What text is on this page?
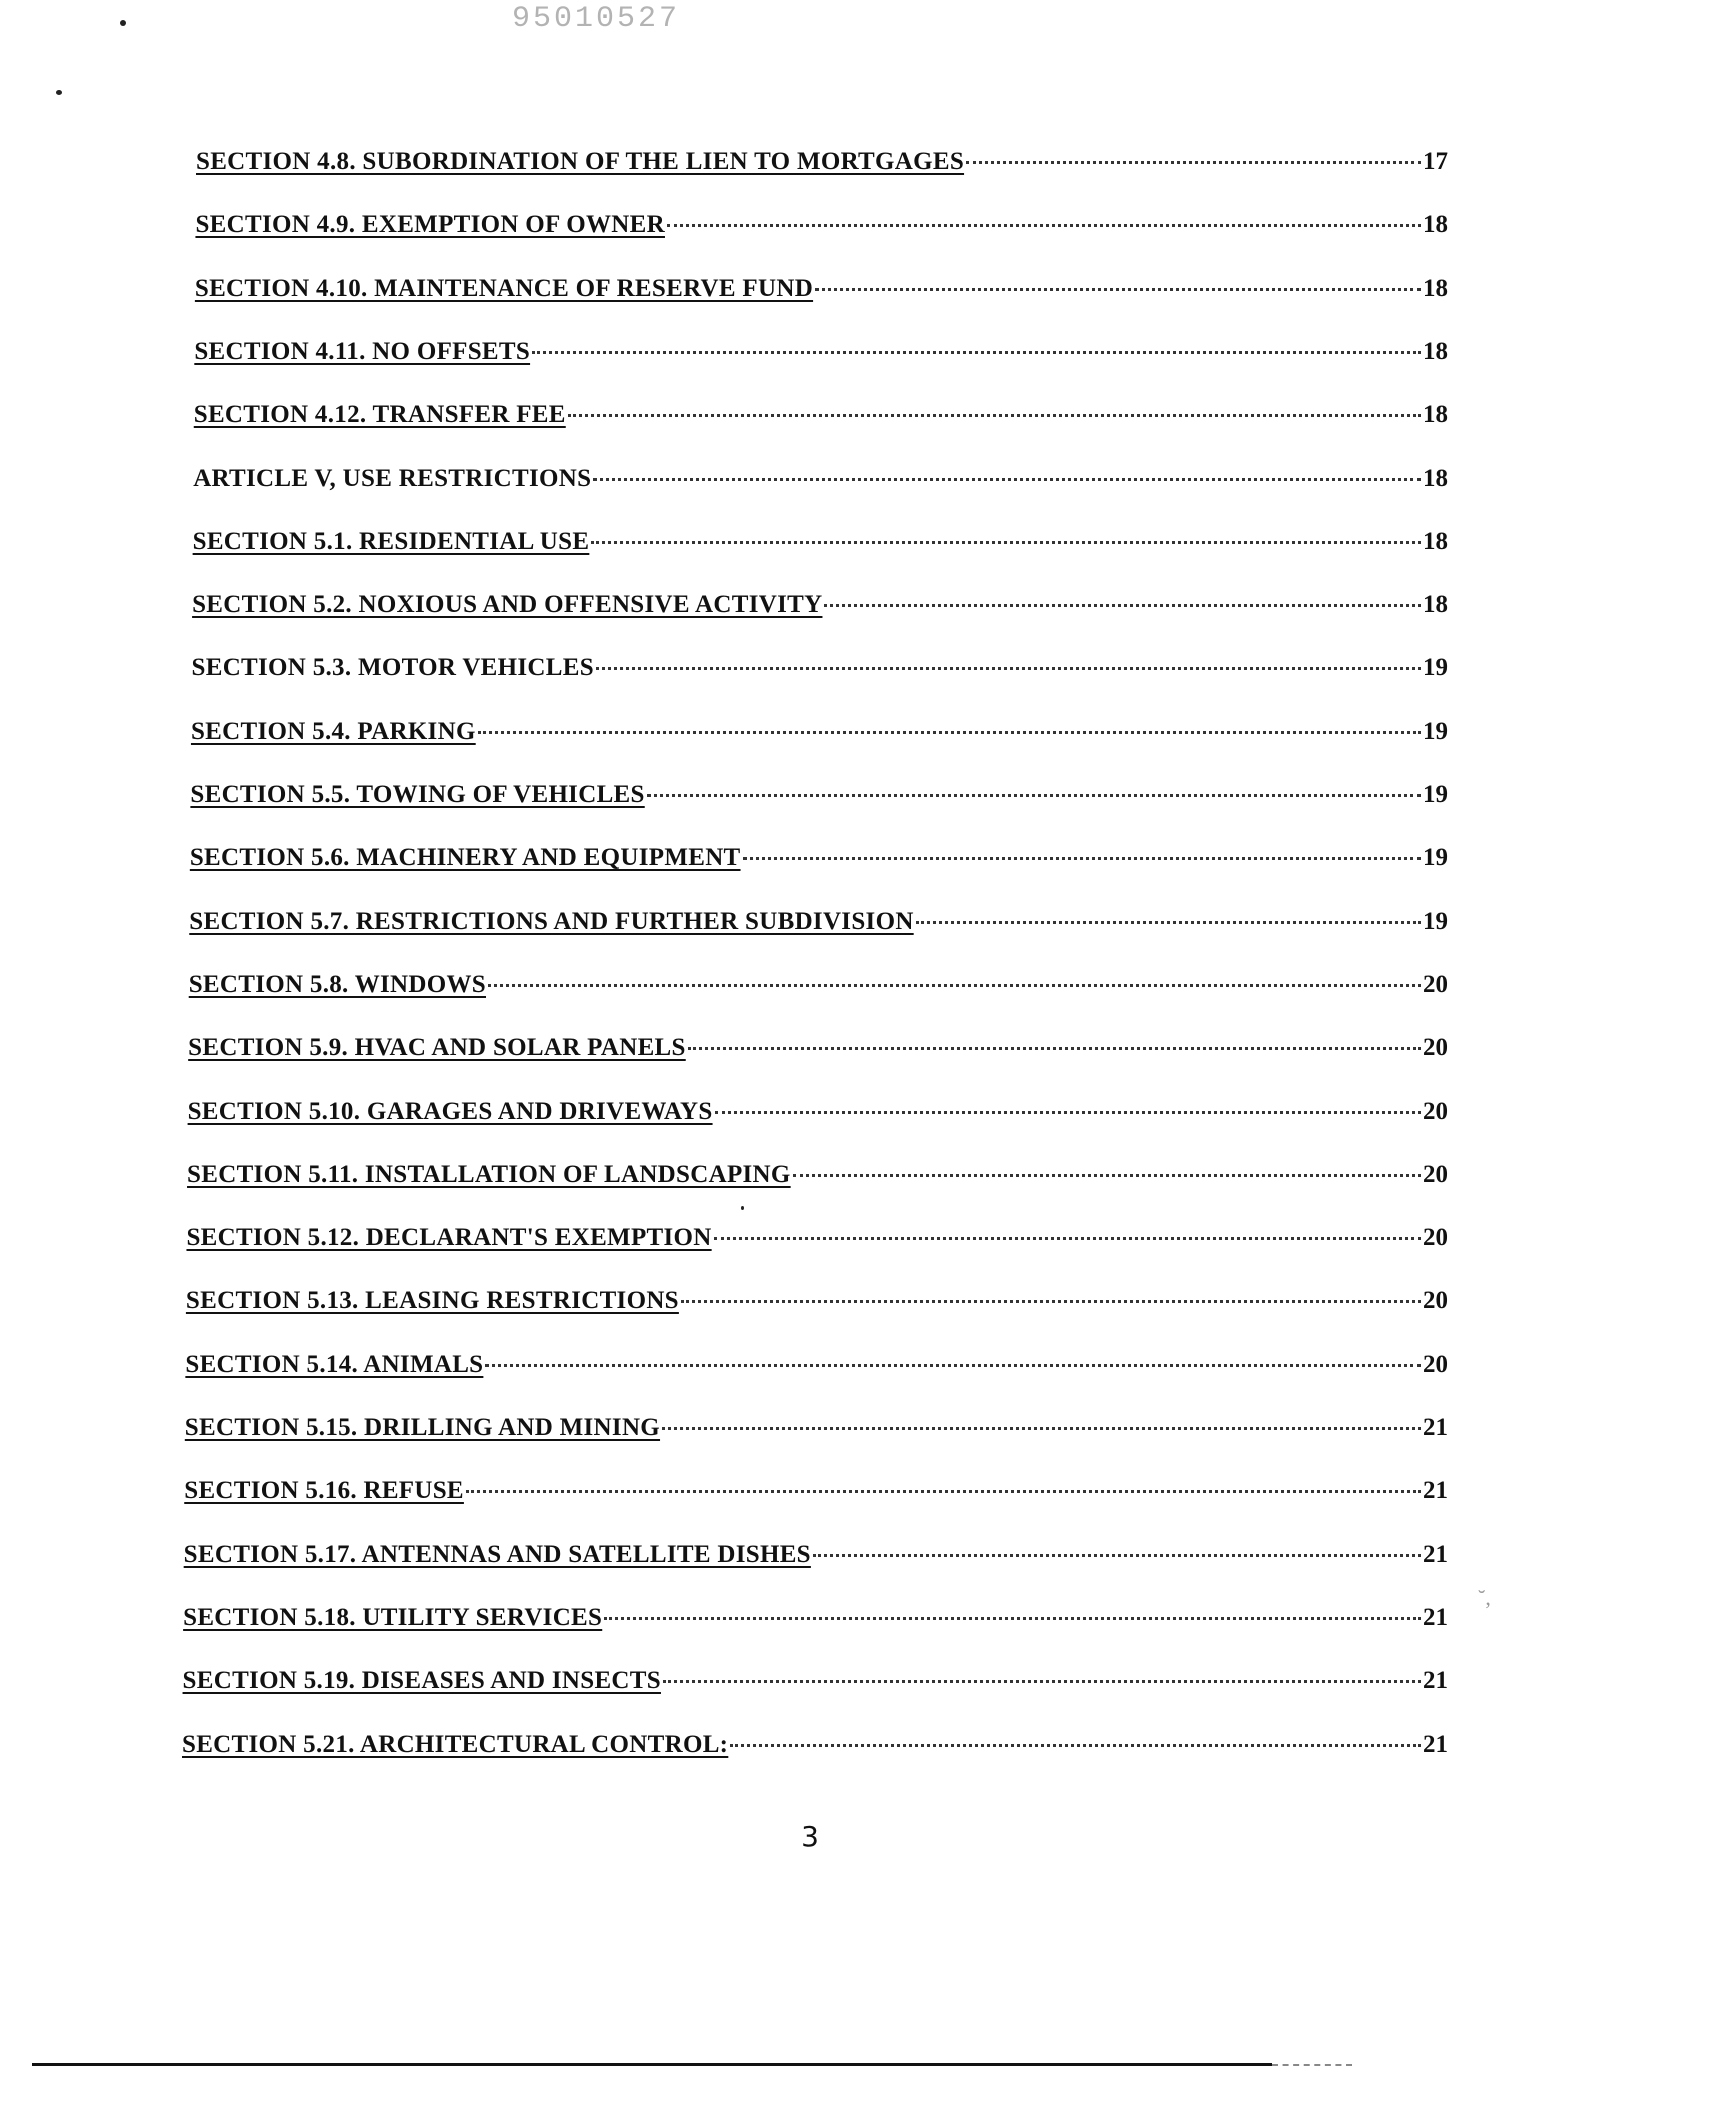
95010527
˘,
SECTION 4.8. SUBORDINATION OF THE LIEN TO MORTGAGES	17
SECTION 4.9. EXEMPTION OF OWNER	18
SECTION 4.10. MAINTENANCE OF RESERVE FUND	18
SECTION 4.11. NO OFFSETS	18
SECTION 4.12. TRANSFER FEE	18
ARTICLE V, USE RESTRICTIONS	18
SECTION 5.1. RESIDENTIAL USE	18
SECTION 5.2. NOXIOUS AND OFFENSIVE ACTIVITY	18
SECTION 5.3. MOTOR VEHICLES	19
SECTION 5.4. PARKING	19
SECTION 5.5. TOWING OF VEHICLES	19
SECTION 5.6. MACHINERY AND EQUIPMENT	19
SECTION 5.7. RESTRICTIONS AND FURTHER SUBDIVISION	19
SECTION 5.8. WINDOWS	20
SECTION 5.9. HVAC AND SOLAR PANELS	20
SECTION 5.10. GARAGES AND DRIVEWAYS	20
SECTION 5.11. INSTALLATION OF LANDSCAPING	20
SECTION 5.12. DECLARANT'S EXEMPTION	20
SECTION 5.13. LEASING RESTRICTIONS	20
SECTION 5.14. ANIMALS	20
SECTION 5.15. DRILLING AND MINING	21
SECTION 5.16. REFUSE	21
SECTION 5.17. ANTENNAS AND SATELLITE DISHES	21
SECTION 5.18. UTILITY SERVICES	21
SECTION 5.19. DISEASES AND INSECTS	21
SECTION 5.21. ARCHITECTURAL CONTROL:	21
3
